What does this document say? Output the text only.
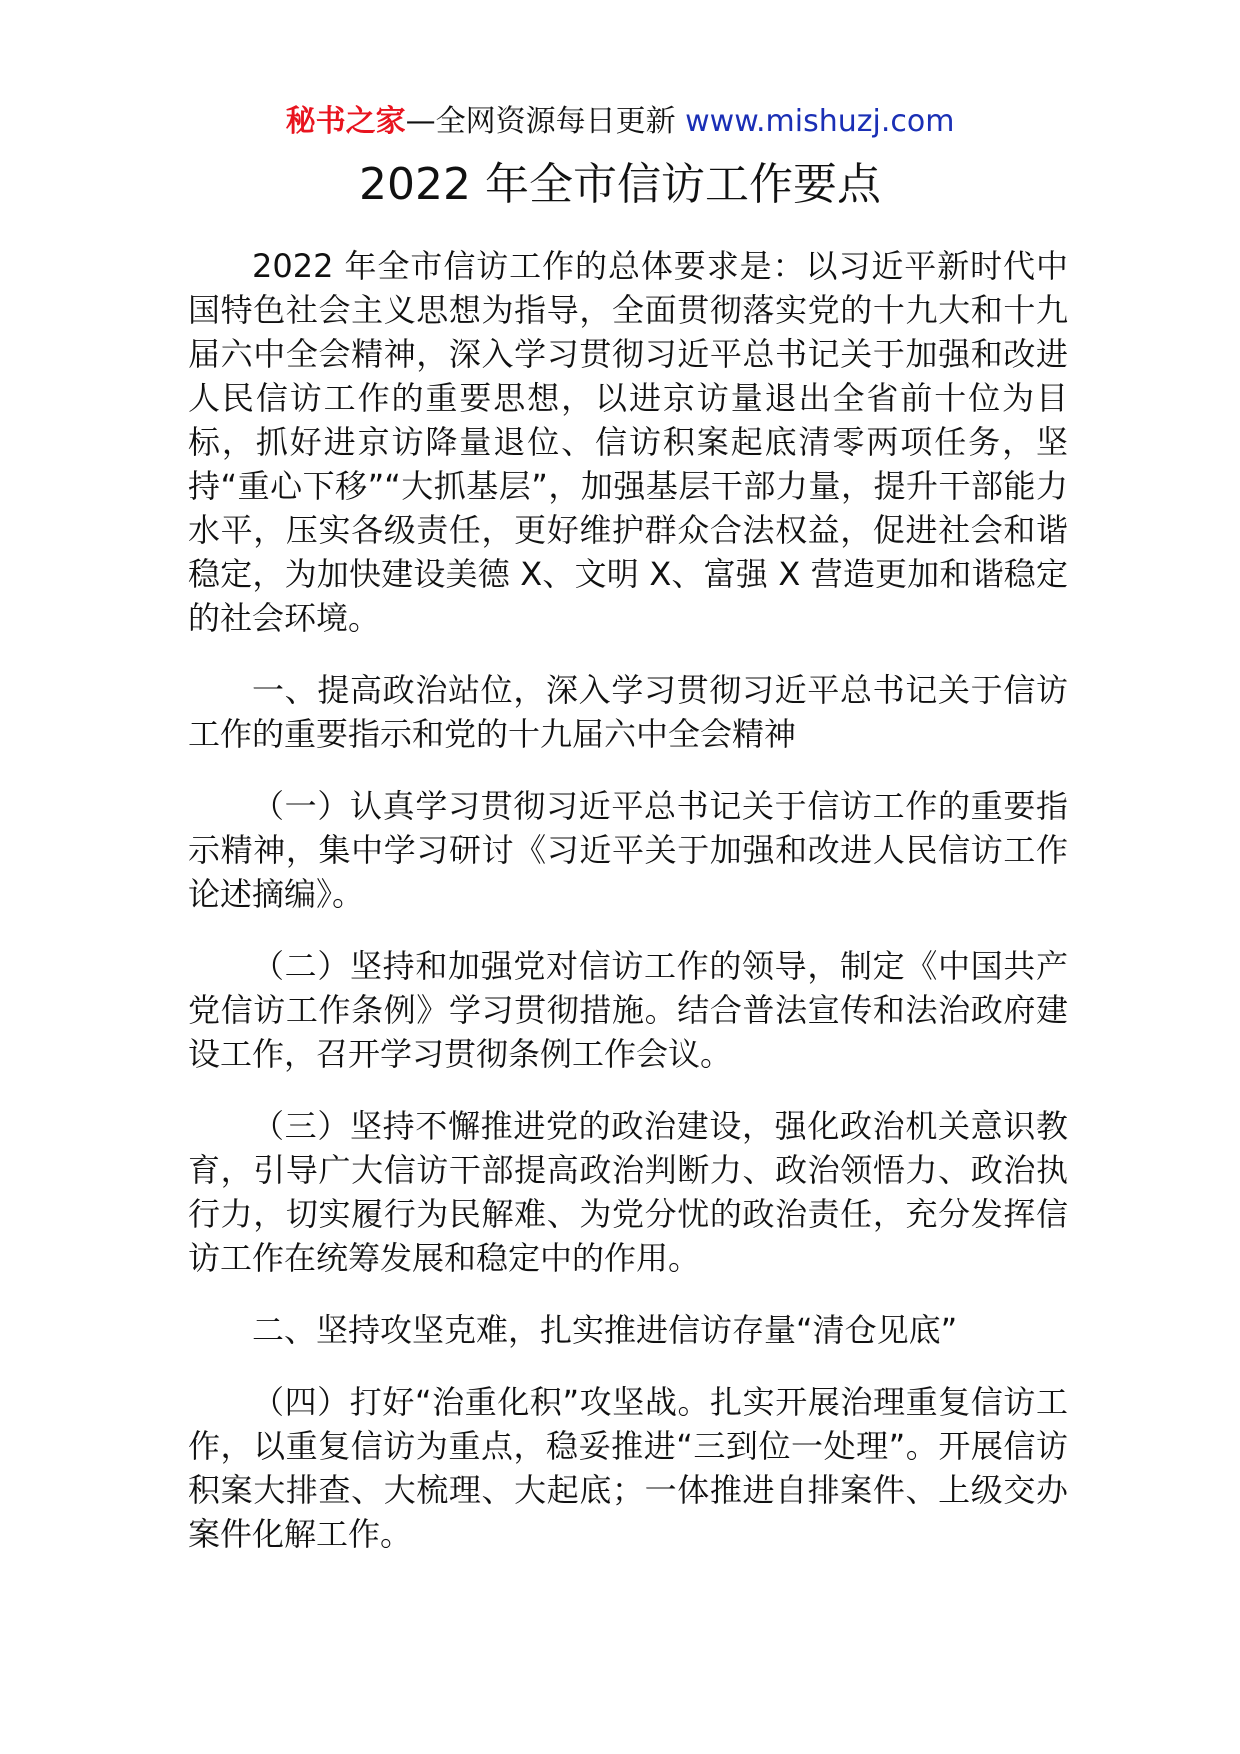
秘书之家—全网资源每日更新 www.mishuzj.com
2022 年全市信访工作要点

2022 年全市信访工作的总体要求是：以习近平新时代中国特色社会主义思想为指导，全面贯彻落实党的十九大和十九届六中全会精神，深入学习贯彻习近平总书记关于加强和改进人民信访工作的重要思想，以进京访量退出全省前十位为目标，抓好进京访降量退位、信访积案起底清零两项任务，坚持“重心下移”“大抓基层”，加强基层干部力量，提升干部能力水平，压实各级责任，更好维护群众合法权益，促进社会和谐稳定，为加快建设美德 X、文明 X、富强 X 营造更加和谐稳定的社会环境。

一、提高政治站位，深入学习贯彻习近平总书记关于信访工作的重要指示和党的十九届六中全会精神

（一）认真学习贯彻习近平总书记关于信访工作的重要指示精神，集中学习研讨《习近平关于加强和改进人民信访工作论述摘编》。

（二）坚持和加强党对信访工作的领导，制定《中国共产党信访工作条例》学习贯彻措施。结合普法宣传和法治政府建设工作，召开学习贯彻条例工作会议。

（三）坚持不懈推进党的政治建设，强化政治机关意识教育，引导广大信访干部提高政治判断力、政治领悟力、政治执行力，切实履行为民解难、为党分忧的政治责任，充分发挥信访工作在统筹发展和稳定中的作用。

二、坚持攻坚克难，扎实推进信访存量“清仓见底”

（四）打好“治重化积”攻坚战。扎实开展治理重复信访工作，以重复信访为重点，稳妥推进“三到位一处理”。开展信访积案大排查、大梳理、大起底；一体推进自排案件、上级交办案件化解工作。
